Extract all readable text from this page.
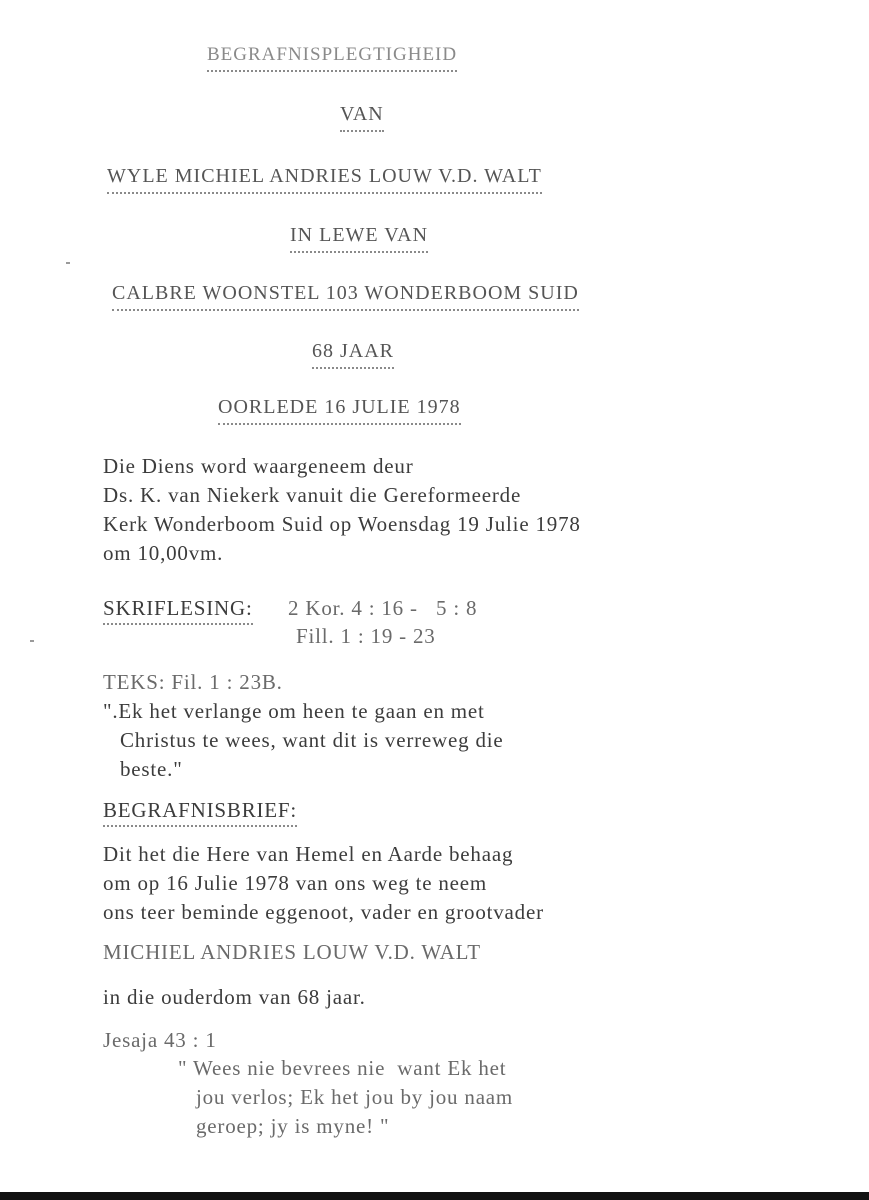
BEGRAFNISPLEGTIGHEID
VAN
WYLE MICHIEL ANDRIES LOUW V.D. WALT
IN LEWE VAN
CALBRE WOONSTEL 103 WONDERBOOM SUID
68 JAAR
OORLEDE 16 JULIE 1978
Die Diens word waargeneem deur
Ds. K. van Niekerk vanuit die Gereformeerde
Kerk Wonderboom Suid op Woensdag 19 Julie 1978
om 10,00vm.
SKRIFLESING: 2 Kor. 4 : 16 -   5 : 8
Fill. 1 : 19 - 23
TEKS: Fil. 1 : 23B.
".Ek het verlange om heen te gaan en met
Christus te wees, want dit is verreweg die
beste."
BEGRAFNISBRIEF:
Dit het die Here van Hemel en Aarde behaag
om op 16 Julie 1978 van ons weg te neem
ons teer beminde eggenoot, vader en grootvader
MICHIEL ANDRIES LOUW V.D. WALT
in die ouderdom van 68 jaar.
Jesaja 43 : 1
" Wees nie bevrees nie  want Ek het
jou verlos; Ek het jou by jou naam
geroep; jy is myne! "
